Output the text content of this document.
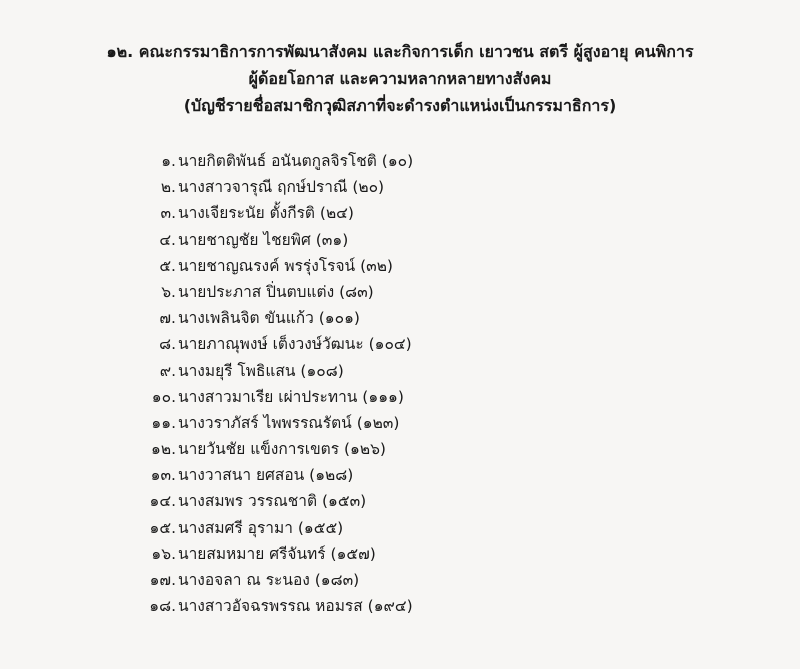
๑๒. คณะกรรมาธิการการพัฒนาสังคม และกิจการเด็ก เยาวชน สตรี ผู้สูงอายุ คนพิการ
ผู้ด้อยโอกาส และความหลากหลายทางสังคม
(บัญชีรายชื่อสมาชิกวุฒิสภาที่จะดำรงตำแหน่งเป็นกรรมาธิการ)
๑. นายกิตติพันธ์ อนันตกูลจิรโชติ (๑๐)
๒. นางสาวจารุณี ฤกษ์ปราณี (๒๐)
๓. นางเจียระนัย ตั้งกีรติ (๒๔)
๔. นายชาญชัย ไชยพิศ (๓๑)
๕. นายชาญณรงค์ พรรุ่งโรจน์ (๓๒)
๖. นายประภาส ปิ่นตบแต่ง (๘๓)
๗. นางเพลินจิต ขันแก้ว (๑๐๑)
๘. นายภาณุพงษ์ เต็งวงษ์วัฒนะ (๑๐๔)
๙. นางมยุรี โพธิแสน (๑๐๘)
๑๐. นางสาวมาเรีย เผ่าประทาน (๑๑๑)
๑๑. นางวราภัสร์ ไพพรรณรัตน์ (๑๒๓)
๑๒. นายวันชัย แข็งการเขตร (๑๒๖)
๑๓. นางวาสนา ยศสอน (๑๒๘)
๑๔. นางสมพร วรรณชาติ (๑๕๓)
๑๕. นางสมศรี อุรามา (๑๕๕)
๑๖. นายสมหมาย ศรีจันทร์ (๑๕๗)
๑๗. นางอจลา ณ ระนอง (๑๘๓)
๑๘. นางสาวอัจฉรพรรณ หอมรส (๑๙๔)
